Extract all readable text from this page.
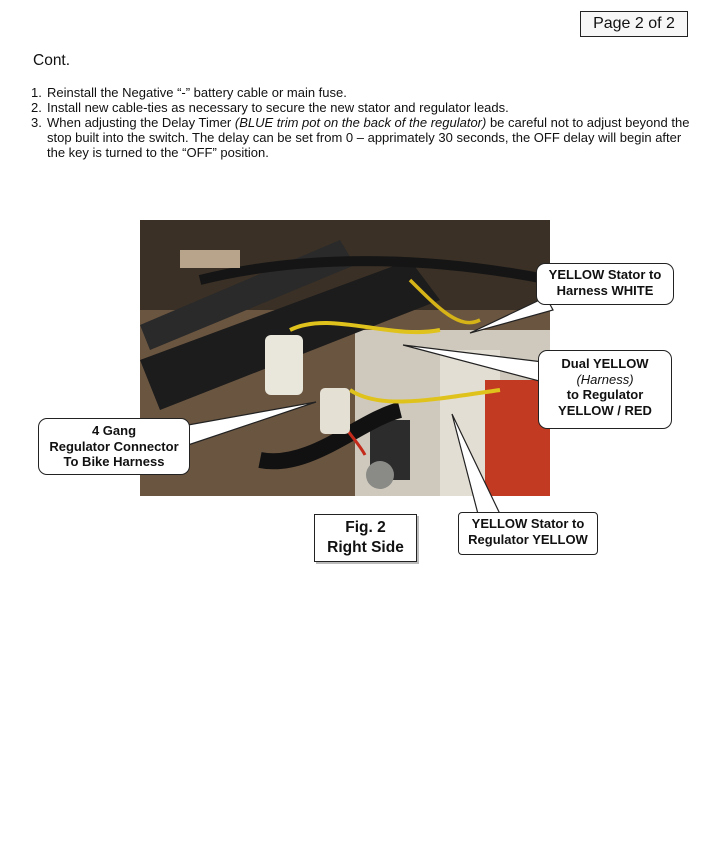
Page 2 of 2
Cont.
1. Reinstall the Negative “-” battery cable or main fuse.
2. Install new cable-ties as necessary to secure the new stator and regulator leads.
3. When adjusting the Delay Timer (BLUE trim pot on the back of the regulator) be careful not to adjust beyond the stop built into the switch. The delay can be set from 0 – apprimately 30 seconds, the OFF delay will begin after the key is turned to the “OFF” position.
YELLOW Stator to
Harness WHITE
Dual YELLOW
(Harness)
to Regulator
YELLOW / RED
4 Gang
Regulator Connector
To Bike Harness
YELLOW Stator to
Regulator YELLOW
Fig. 2
Right Side
